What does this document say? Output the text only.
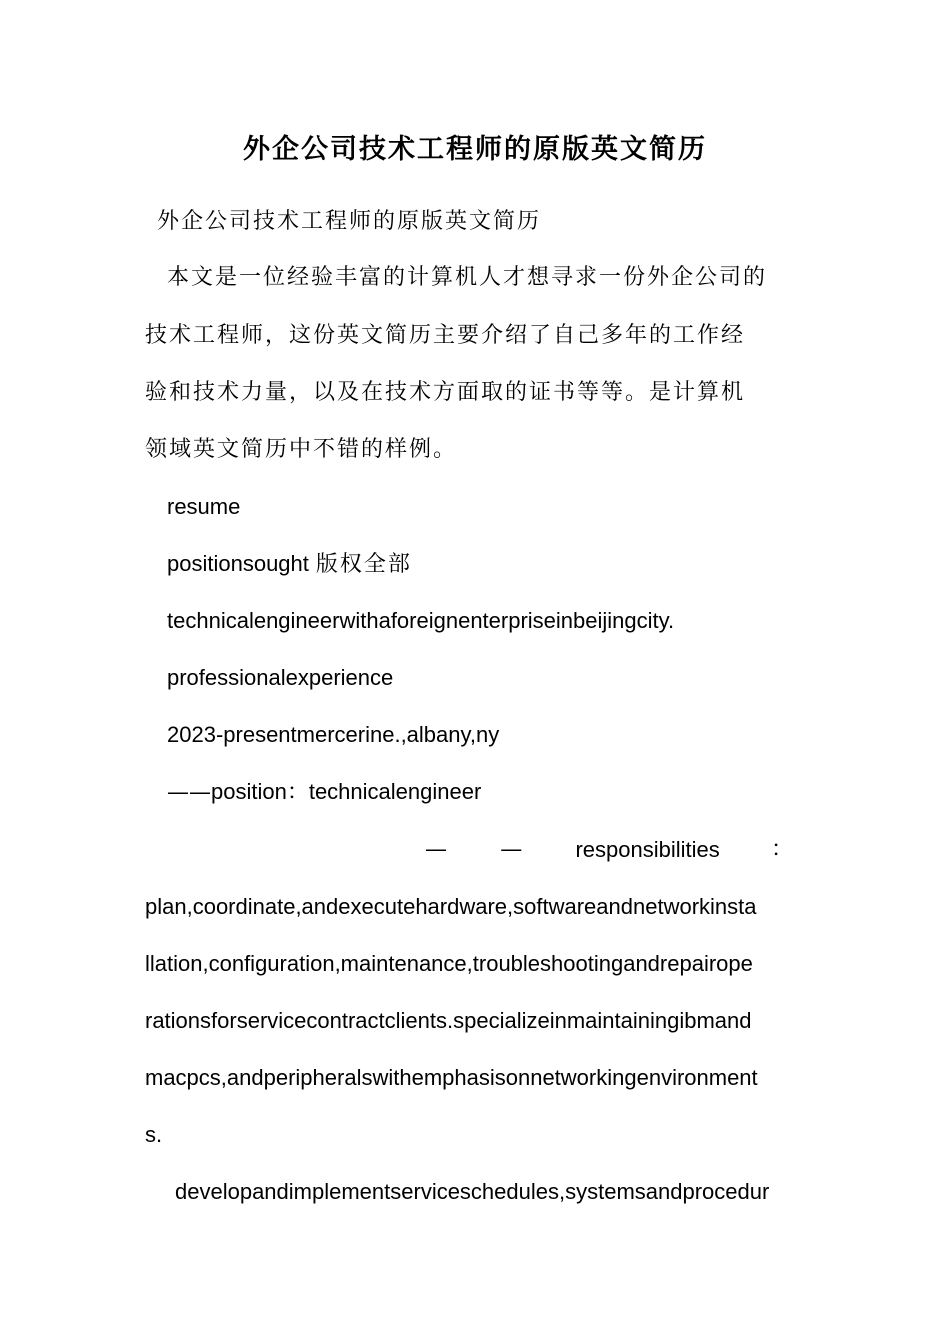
外企公司技术工程师的原版英文简历
外企公司技术工程师的原版英文简历
本文是一位经验丰富的计算机人才想寻求一份外企公司的
技术工程师，这份英文简历主要介绍了自己多年的工作经
验和技术力量，以及在技术方面取的证书等等。是计算机
领域英文简历中不错的样例。
resume
positionsought 版权全部
technicalengineerwithaforeignenterpriseinbeijingcity.
professionalexperience
2023-presentmercerine.,albany,ny
——position：technicalengineer
— — responsibilities ：
plan,coordinate,andexecutehardware,softwareandnetworkinsta
llation,configuration,maintenance,troubleshootingandrepairope
rationsforservicecontractclients.specializeinmaintainingibmand
macpcs,andperipheralswithemphasisonnetworkingenvironment
s.
developandimplementserviceschedules,systemsandprocedur
